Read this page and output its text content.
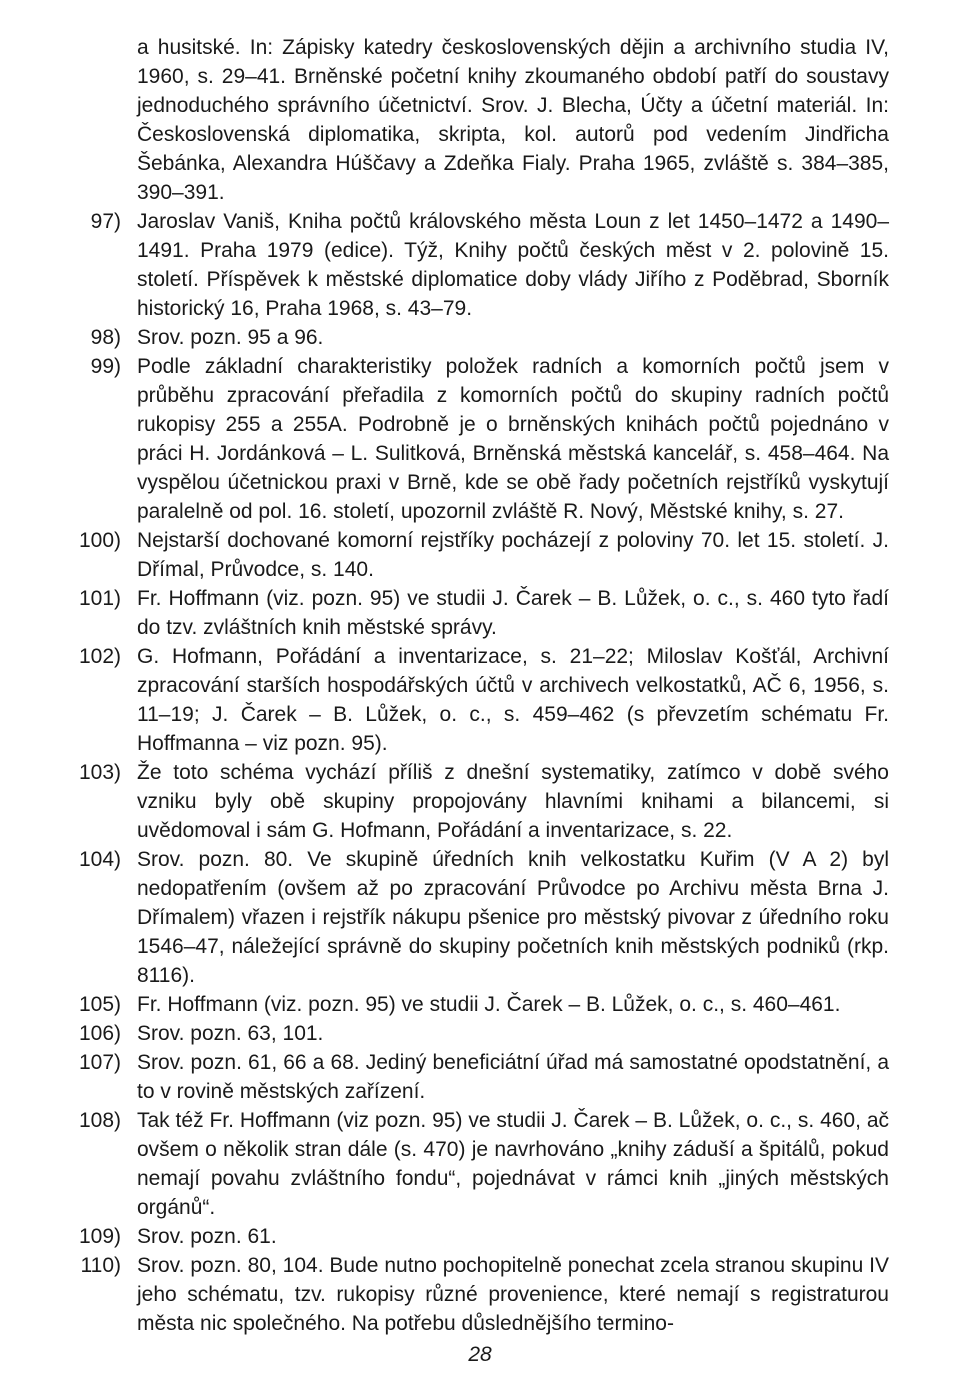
a husitské. In: Zápisky katedry československých dějin a archivního studia IV, 1960, s. 29–41. Brněnské početní knihy zkoumaného období patří do soustavy jednoduchého správního účetnictví. Srov. J. Blecha, Účty a účetní materiál. In: Československá diplomatika, skripta, kol. autorů pod vedením Jindřicha Šebánka, Alexandra Húščavy a Zdeňka Fialy. Praha 1965, zvláště s. 384–385, 390–391.
97) Jaroslav Vaniš, Kniha počtů královského města Loun z let 1450–1472 a 1490–1491. Praha 1979 (edice). Týž, Knihy počtů českých měst v 2. polovině 15. století. Příspěvek k městské diplomatice doby vlády Jiřího z Poděbrad, Sborník historický 16, Praha 1968, s. 43–79.
98) Srov. pozn. 95 a 96.
99) Podle základní charakteristiky položek radních a komorních počtů jsem v průběhu zpracování přeřadila z komorních počtů do skupiny radních počtů rukopisy 255 a 255A. Podrobně je o brněnských knihách počtů pojednáno v práci H. Jordánková – L. Sulitková, Brněnská městská kancelář, s. 458–464. Na vyspělou účetnickou praxi v Brně, kde se obě řady početních rejstříků vyskytují paralelně od pol. 16. století, upozornil zvláště R. Nový, Městské knihy, s. 27.
100) Nejstarší dochované komorní rejstříky pocházejí z poloviny 70. let 15. století. J. Dřímal, Průvodce, s. 140.
101) Fr. Hoffmann (viz. pozn. 95) ve studii J. Čarek – B. Lůžek, o. c., s. 460 tyto řadí do tzv. zvláštních knih městské správy.
102) G. Hofmann, Pořádání a inventarizace, s. 21–22; Miloslav Košťál, Archivní zpracování starších hospodářských účtů v archivech velkostatků, AČ 6, 1956, s. 11–19; J. Čarek – B. Lůžek, o. c., s. 459–462 (s převzetím schématu Fr. Hoffmanna – viz pozn. 95).
103) Že toto schéma vychází příliš z dnešní systematiky, zatímco v době svého vzniku byly obě skupiny propojovány hlavními knihami a bilancemi, si uvědomoval i sám G. Hofmann, Pořádání a inventarizace, s. 22.
104) Srov. pozn. 80. Ve skupině úředních knih velkostatku Kuřim (V A 2) byl nedopatřením (ovšem až po zpracování Průvodce po Archivu města Brna J. Dřímalem) vřazen i rejstřík nákupu pšenice pro městský pivovar z úředního roku 1546–47, náležející správně do skupiny početních knih městských podniků (rkp. 8116).
105) Fr. Hoffmann (viz. pozn. 95) ve studii J. Čarek – B. Lůžek, o. c., s. 460–461.
106) Srov. pozn. 63, 101.
107) Srov. pozn. 61, 66 a 68. Jediný beneficiátní úřad má samostatné opodstatnění, a to v rovině městských zařízení.
108) Tak též Fr. Hoffmann (viz pozn. 95) ve studii J. Čarek – B. Lůžek, o. c., s. 460, ač ovšem o několik stran dále (s. 470) je navrhováno „knihy záduší a špitálů, pokud nemají povahu zvláštního fondu“, pojednávat v rámci knih „jiných městských orgánů“.
109) Srov. pozn. 61.
110) Srov. pozn. 80, 104. Bude nutno pochopitelně ponechat zcela stranou skupinu IV jeho schématu, tzv. rukopisy různé provenience, které nemají s registraturou města nic společného. Na potřebu důslednějšího termino-
28
